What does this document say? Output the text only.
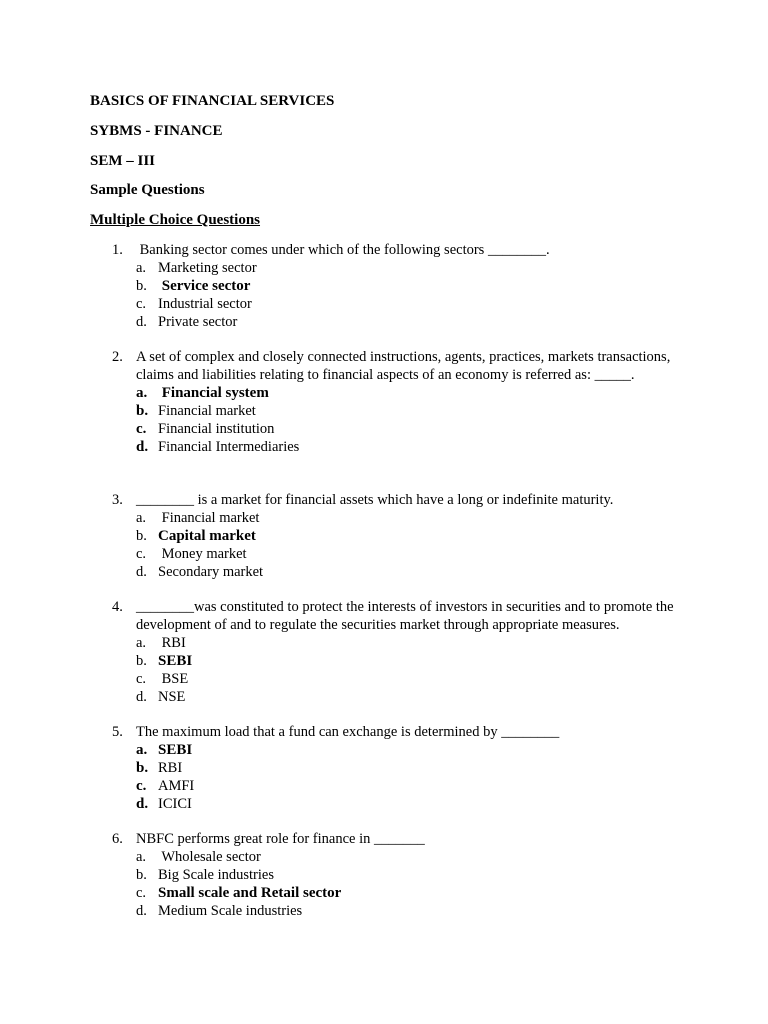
BASICS OF FINANCIAL SERVICES
SYBMS - FINANCE
SEM – III
Sample Questions
Multiple Choice Questions
1. Banking sector comes under which of the following sectors ________.
a. Marketing sector
b. Service sector
c. Industrial sector
d. Private sector
2. A set of complex and closely connected instructions, agents, practices, markets transactions, claims and liabilities relating to financial aspects of an economy is referred as: _____.
a. Financial system
b. Financial market
c. Financial institution
d. Financial Intermediaries
3. ________ is a market for financial assets which have a long or indefinite maturity.
a. Financial market
b. Capital market
c. Money market
d. Secondary market
4. ________was constituted to protect the interests of investors in securities and to promote the development of and to regulate the securities market through appropriate measures.
a. RBI
b. SEBI
c. BSE
d. NSE
5. The maximum load that a fund can exchange is determined by ________
a. SEBI
b. RBI
c. AMFI
d. ICICI
6. NBFC performs great role for finance in _______
a. Wholesale sector
b. Big Scale industries
c. Small scale and Retail sector
d. Medium Scale industries
